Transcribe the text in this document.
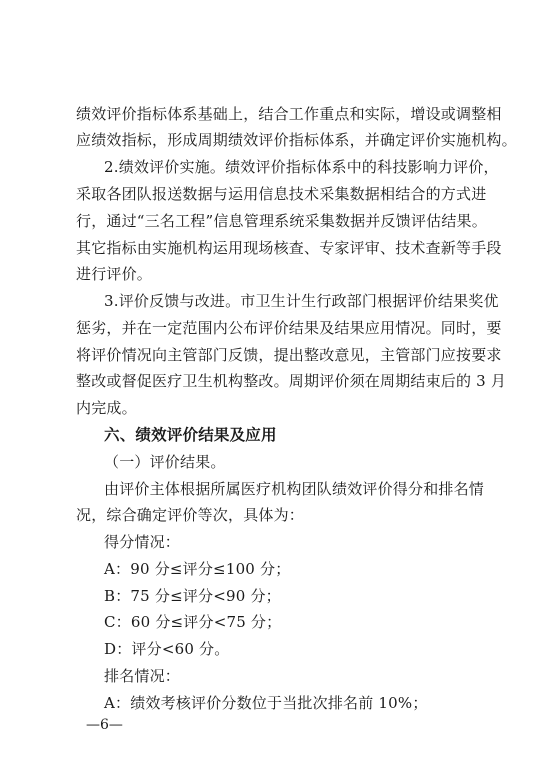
绩效评价指标体系基础上，结合工作重点和实际，增设或调整相
应绩效指标，形成周期绩效评价指标体系，并确定评价实施机构。
2.绩效评价实施。绩效评价指标体系中的科技影响力评价，
采取各团队报送数据与运用信息技术采集数据相结合的方式进
行，通过“三名工程”信息管理系统采集数据并反馈评估结果。
其它指标由实施机构运用现场核查、专家评审、技术查新等手段
进行评价。
3.评价反馈与改进。市卫生计生行政部门根据评价结果奖优
惩劣，并在一定范围内公布评价结果及结果应用情况。同时，要
将评价情况向主管部门反馈，提出整改意见，主管部门应按要求
整改或督促医疗卫生机构整改。周期评价须在周期结束后的 3 月
内完成。
六、绩效评价结果及应用
（一）评价结果。
由评价主体根据所属医疗机构团队绩效评价得分和排名情
况，综合确定评价等次，具体为：
得分情况：
A：90 分≤评分≤100 分；
B：75 分≤评分<90 分；
C：60 分≤评分<75 分；
D：评分<60 分。
排名情况：
A：绩效考核评价分数位于当批次排名前 10%；
—6—
